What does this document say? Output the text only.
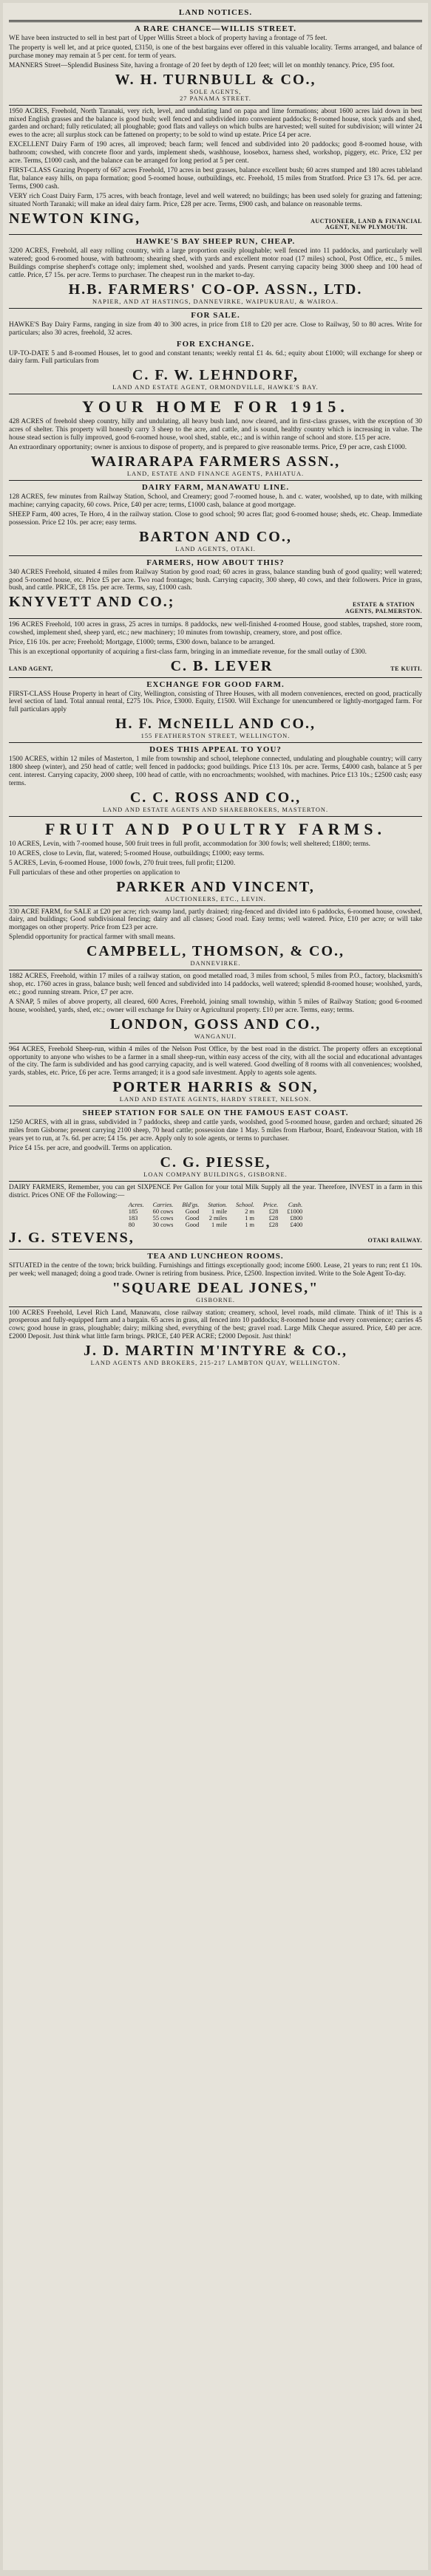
LAND NOTICES.
A RARE CHANCE—WILLIS STREET.
WE have been instructed to sell in best part of Upper Willis Street a block of property having a frontage of 75 feet.
The property is well let, and at price quoted, £3150, is one of the best bargains ever offered in this valuable locality. Terms arranged, and balance of purchase money may remain at 5 per cent. for term of years.
MANNERS Street—Splendid Business Site, having a frontage of 20 feet by depth of 120 feet; will let on monthly tenancy. Price, £95 foot.
W. H. TURNBULL & CO.,
SOLE AGENTS,
27 PANAMA STREET.
1950 ACRES, Freehold, North Taranaki, very rich, level, and undulating land on papa and lime formations; about 1600 acres laid down in best mixed English grasses and the balance is good bush; well fenced and subdivided into convenient paddocks; 8-roomed house, stock yards and shed, garden and orchard; fully reticulated; all ploughable; good flats and valleys on which bulbs are harvested; well suited for subdivision; will winter 24 ewes to the acre; all surplus stock can be fattened on property; to be sold to wind up estate. Price £4 per acre.
EXCELLENT Dairy Farm of 190 acres, all improved; beach farm; well fenced and subdivided into 20 paddocks; good 8-roomed house, with bathroom; cowshed, with concrete floor and yards, implement sheds, washhouse, loosebox, harness shed, workshop, piggery, etc. Price, £32 per acre. Terms, £1000 cash, and the balance can be arranged for long period at 5 per cent.
FIRST-CLASS Grazing Property of 667 acres Freehold, 170 acres in best grasses, balance excellent bush; 60 acres stumped and 180 acres tableland flat, balance easy hills, on papa formation; good 5-roomed house, outbuildings, etc. Freehold, 15 miles from Stratford. Price £3 17s. 6d. per acre. Terms, £900 cash.
VERY rich Coast Dairy Farm, 175 acres, with beach frontage, level and well watered; no buildings; has been used solely for grazing and fattening; situated North Taranaki; will make an ideal dairy farm. Price, £28 per acre. Terms, £900 cash, and balance on reasonable terms.
NEWTON KING,	AUCTIONEER, LAND & FINANCIAL
AGENT, NEW PLYMOUTH.
HAWKE'S BAY SHEEP RUN, CHEAP.
3200 ACRES, Freehold, all easy rolling country, with a large proportion easily ploughable; well fenced into 11 paddocks, and particularly well watered; good 6-roomed house, with bathroom; shearing shed, with yards and excellent motor road (17 miles) school, Post Office, etc., 5 miles. Buildings comprise shepherd's cottage only; implement shed, woolshed and yards. Present carrying capacity being 3000 sheep and 100 head of cattle. Price, £7 15s. per acre. Terms to purchaser. The cheapest run in the market to-day.
H.B. FARMERS' CO-OP. ASSN., LTD.
NAPIER, AND AT HASTINGS, DANNEVIRKE, WAIPUKURAU, & WAIROA.
FOR SALE.
HAWKE'S Bay Dairy Farms, ranging in size from 40 to 300 acres, in price from £18 to £20 per acre. Close to Railway, 50 to 80 acres. Write for particulars; also 30 acres, freehold, 32 acres.
FOR EXCHANGE.
UP-TO-DATE 5 and 8-roomed Houses, let to good and constant tenants; weekly rental £1 4s. 6d.; equity about £1000; will exchange for sheep or dairy farm. Full particulars from
C. F. W. LEHNDORF,
LAND AND ESTATE AGENT, ORMONDVILLE, HAWKE'S BAY.
YOUR HOME FOR 1915.
428 ACRES of freehold sheep country, hilly and undulating, all heavy bush land, now cleared, and in first-class grasses, with the exception of 30 acres of shelter. This property will honestly carry 3 sheep to the acre, and cattle, and is sound, healthy country which is increasing in value. The house stead section is fully improved, good 6-roomed house, wool shed, stable, etc.; and is within range of school and store. £15 per acre.
An extraordinary opportunity; owner is anxious to dispose of property, and is prepared to give reasonable terms. Price, £9 per acre, cash £1000.
WAIRARAPA FARMERS ASSN.,
LAND, ESTATE AND FINANCE AGENTS, PAHIATUA.
DAIRY FARM, MANAWATU LINE.
128 ACRES, few minutes from Railway Station, School, and Creamery; good 7-roomed house, h. and c. water, woolshed, up to date, with milking machine; carrying capacity, 60 cows. Price, £40 per acre; terms, £1000 cash, balance at good mortgage.
SHEEP Farm, 400 acres, Te Horo, 4 in the railway station. Close to good school; 90 acres flat; good 6-roomed house; sheds, etc. Cheap. Immediate possession. Price £2 10s. per acre; easy terms.
BARTON AND CO.,
LAND AGENTS, OTAKI.
FARMERS, HOW ABOUT THIS?
340 ACRES Freehold, situated 4 miles from Railway Station by good road; 60 acres in grass, balance standing bush of good quality; well watered; good 5-roomed house, etc. Price £5 per acre. Two road frontages; bush. Carrying capacity, 300 sheep, 40 cows, and their followers. Price in grass, bush, and cattle. PRICE, £8 15s. per acre. Terms, say, £1000 cash.
KNYVETT AND CO.;	ESTATE & STATION
AGENTS, PALMERSTON.
196 ACRES Freehold, 100 acres in grass, 25 acres in turnips. 8 paddocks, new well-finished 4-roomed House, good stables, trapshed, store room, cowshed, implement shed, sheep yard, etc.; new machinery; 10 minutes from township, creamery, store, and post office.
Price, £16 10s. per acre; Freehold; Mortgage, £1000; terms, £300 down, balance to be arranged.
This is an exceptional opportunity of acquiring a first-class farm, bringing in an immediate revenue, for the small outlay of £300.
LAND AGENT,	C. B. LEVER	TE KUITI.
EXCHANGE FOR GOOD FARM.
FIRST-CLASS House Property in heart of City, Wellington, consisting of Three Houses, with all modern conveniences, erected on good, practically level section of land. Total annual rental, £275 10s. Price, £3000. Equity, £1500. Will Exchange for unencumbered or lightly-mortgaged farm. For full particulars apply
H. F. McNEILL AND CO.,
155 FEATHERSTON STREET, WELLINGTON.
DOES THIS APPEAL TO YOU?
1500 ACRES, within 12 miles of Masterton, 1 mile from township and school, telephone connected, undulating and ploughable country; will carry 1800 sheep (winter), and 250 head of cattle; well fenced in paddocks; good buildings. Price £13 10s. per acre. Terms, £4000 cash, balance at 5 per cent. interest. Carrying capacity, 2000 sheep, 100 head of cattle, with no encroachments; woolshed, with machines. Price £13 10s.; £2500 cash; easy terms.
C. C. ROSS AND CO.,
LAND AND ESTATE AGENTS AND SHAREBROKERS, MASTERTON.
FRUIT AND POULTRY FARMS.
10 ACRES, Levin, with 7-roomed house, 500 fruit trees in full profit, accommodation for 300 fowls; well sheltered; £1800; terms.
10 ACRES, close to Levin, flat, watered; 5-roomed House, outbuildings; £1000; easy terms.
5 ACRES, Levin, 6-roomed House, 1000 fowls, 270 fruit trees, full profit; £1200.
Full particulars of these and other properties on application to
PARKER AND VINCENT,
AUCTIONEERS, ETC., LEVIN.
330 ACRE FARM, for SALE at £20 per acre; rich swamp land, partly drained; ring-fenced and divided into 6 paddocks, 6-roomed house, cowshed, dairy, and buildings; Good subdivisional fencing; dairy and all classes; Good road. Easy terms; well watered. Price, £10 per acre; or will take mortgages on other property. Price from £23 per acre.
Splendid opportunity for practical farmer with small means.
CAMPBELL, THOMSON, & CO.,
DANNEVIRKE.
1882 ACRES, Freehold, within 17 miles of a railway station, on good metalled road, 3 miles from school, 5 miles from P.O., factory, blacksmith's shop, etc. 1760 acres in grass, balance bush; well fenced and subdivided into 14 paddocks, well watered; splendid 8-roomed house; woolshed, yards, etc.; good running stream. Price, £7 per acre.
A SNAP, 5 miles of above property, all cleared, 600 Acres, Freehold, joining small township, within 5 miles of Railway Station; good 6-roomed house, woolshed, yards, shed, etc.; owner will exchange for Dairy or Agricultural property. £10 per acre. Terms, easy; terms.
LONDON, GOSS AND CO.,
WANGANUI.
964 ACRES, Freehold Sheep-run, within 4 miles of the Nelson Post Office, by the best road in the district. The property offers an exceptional opportunity to anyone who wishes to be a farmer in a small sheep-run, within easy access of the city, with all the social and educational advantages of the city. The farm is subdivided and has good carrying capacity, and is well watered. Good dwelling of 8 rooms with all conveniences; woolshed, yards, stables, etc. Price, £6 per acre. Terms arranged; it is a good safe investment. Apply to agents sole agents.
PORTER HARRIS & SON,
LAND AND ESTATE AGENTS, HARDY STREET, NELSON.
SHEEP STATION FOR SALE ON THE FAMOUS EAST COAST.
1250 ACRES, with all in grass, subdivided in 7 paddocks, sheep and cattle yards, woolshed, good 5-roomed house, garden and orchard; situated 26 miles from Gisborne; present carrying 2100 sheep, 70 head cattle; possession date 1 May. 5 miles from Harbour, Board, Endeavour Station, with 18 years yet to run, at 7s. 6d. per acre; £4 15s. per acre. Apply only to sole agents, or terms to purchaser.
Price £4 15s. per acre, and goodwill. Terms on application.
C. G. PIESSE,
LOAN COMPANY BUILDINGS, GISBORNE.
DAIRY FARMERS, Remember, you can get SIXPENCE Per Gallon for your total Milk Supply all the year. Therefore, INVEST in a farm in this district. Prices ONE OF the Following:—
Acres.	Carries.	Bld'gs.	Station.	School.	Price.	Cash.
185	60 cows	Good	1 mile	2 m	£28	£1000
183	55 cows	Good	2 miles	1 m	£28	£800
80	30 cows	Good	1 mile	1 m	£28	£400
J. G. STEVENS,	OTAKI RAILWAY.
TEA AND LUNCHEON ROOMS.
SITUATED in the centre of the town; brick building. Furnishings and fittings exceptionally good; income £600. Lease, 21 years to run; rent £1 10s. per week; well managed; doing a good trade. Owner is retiring from business. Price, £2500. Inspection invited. Write to the Sole Agent To-day.
"SQUARE DEAL JONES,"
GISBORNE.
100 ACRES Freehold, Level Rich Land, Manawatu, close railway station; creamery, school, level roads, mild climate. Think of it! This is a prosperous and fully-equipped farm and a bargain. 65 acres in grass, all fenced into 10 paddocks; 8-roomed house and every convenience; carries 45 cows; good house in grass, ploughable; dairy; milking shed, everything of the best; gravel road. Large Milk Cheque assured. Price, £40 per acre. £2000 Deposit. Just think what little farm brings. PRICE, £40 PER ACRE; £2000 Deposit. Just think!
J. D. MARTIN M'INTYRE & CO.,
LAND AGENTS AND BROKERS, 215-217 LAMBTON QUAY, WELLINGTON.
